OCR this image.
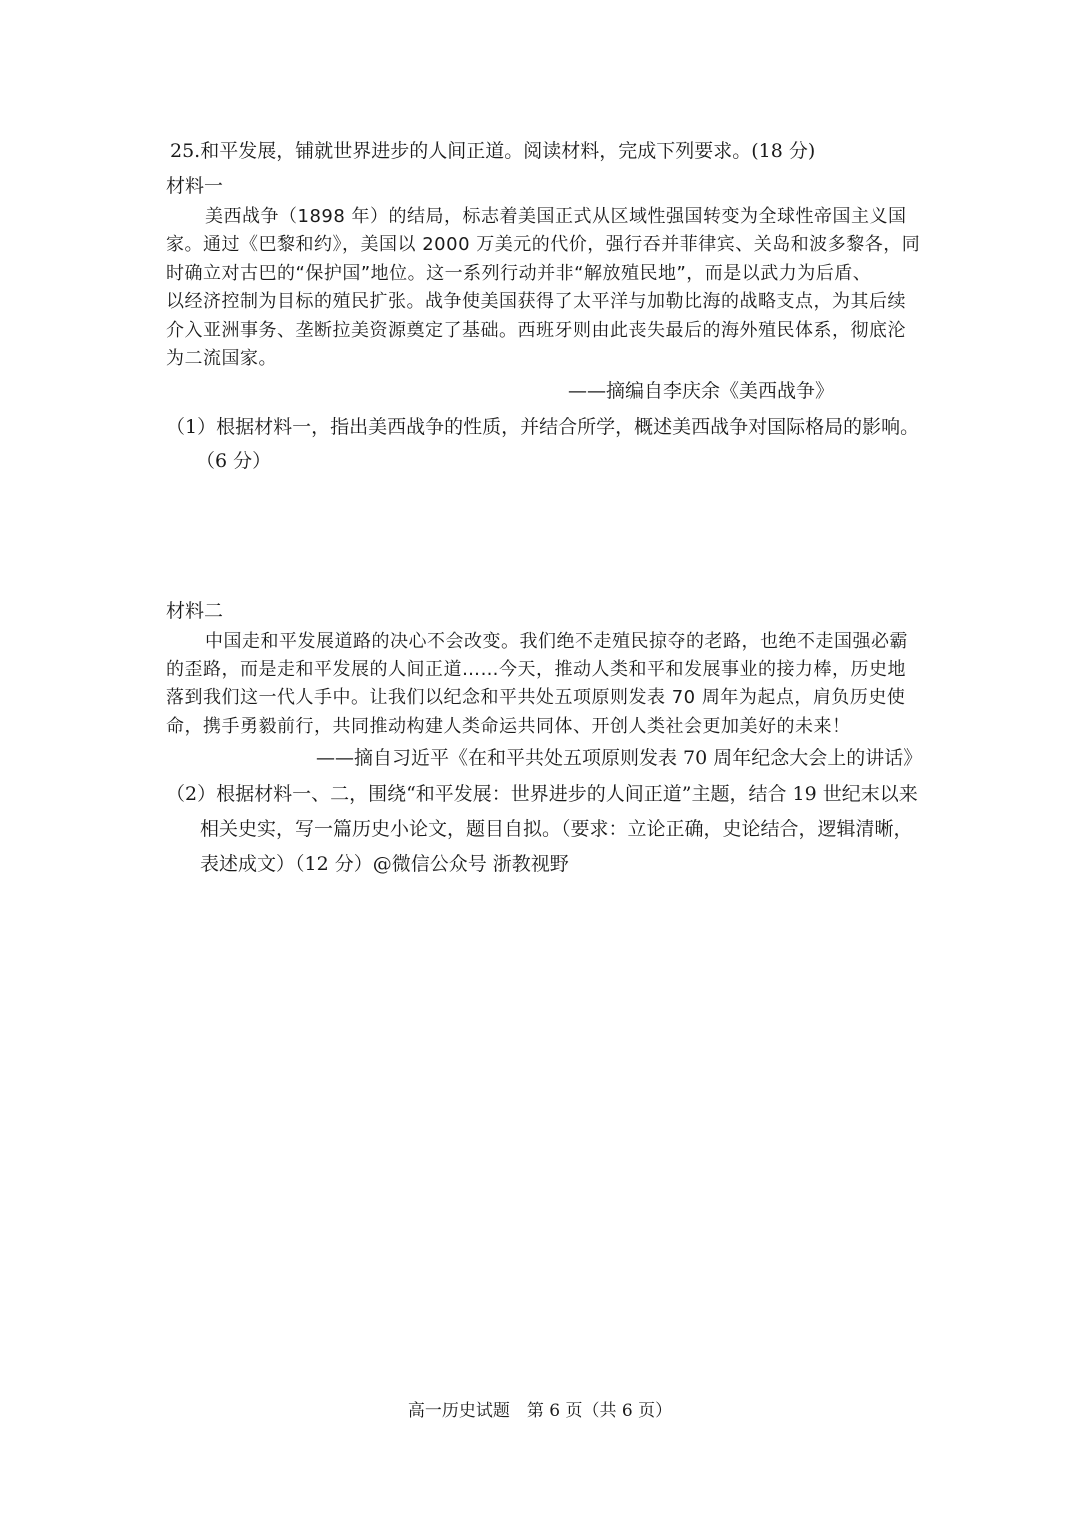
25.和平发展，铺就世界进步的人间正道。阅读材料，完成下列要求。(18 分)
材料一
美西战争（1898 年）的结局，标志着美国正式从区域性强国转变为全球性帝国主义国
家。通过《巴黎和约》，美国以 2000 万美元的代价，强行吞并菲律宾、关岛和波多黎各，同
时确立对古巴的“保护国”地位。这一系列行动并非“解放殖民地”，而是以武力为后盾、
以经济控制为目标的殖民扩张。战争使美国获得了太平洋与加勒比海的战略支点，为其后续
介入亚洲事务、垄断拉美资源奠定了基础。西班牙则由此丧失最后的海外殖民体系，彻底沦
为二流国家。
——摘编自李庆余《美西战争》
（1）根据材料一，指出美西战争的性质，并结合所学，概述美西战争对国际格局的影响。
（6 分）
材料二
中国走和平发展道路的决心不会改变。我们绝不走殖民掠夺的老路，也绝不走国强必霸
的歪路，而是走和平发展的人间正道……今天，推动人类和平和发展事业的接力棒，历史地
落到我们这一代人手中。让我们以纪念和平共处五项原则发表 70 周年为起点，肩负历史使
命，携手勇毅前行，共同推动构建人类命运共同体、开创人类社会更加美好的未来！
——摘自习近平《在和平共处五项原则发表 70 周年纪念大会上的讲话》
（2）根据材料一、二，围绕“和平发展：世界进步的人间正道”主题，结合 19 世纪末以来
相关史实，写一篇历史小论文，题目自拟。（要求：立论正确，史论结合，逻辑清晰，
表述成文）（12 分）@微信公众号 浙教视野
高一历史试题　第 6 页（共 6 页）
